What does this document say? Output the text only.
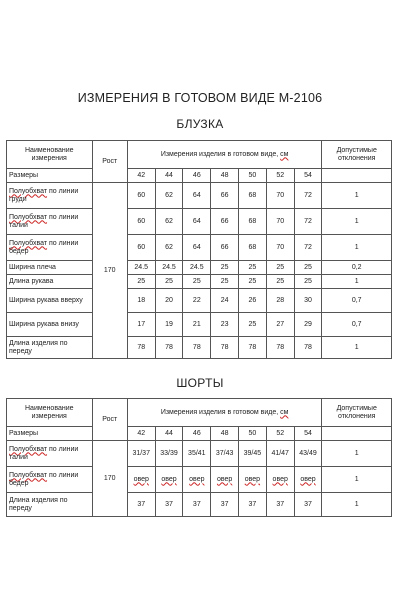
ИЗМЕРЕНИЯ В ГОТОВОМ ВИДЕ М-2106
БЛУЗКА
Наименование измерения	Рост	Измерения изделия в готовом виде, см							Допустимые отклонения
Размеры		42	44	46	48	50	52	54	
Полуобхват по линии груди	170	60	62	64	66	68	70	72	1
Полуобхват по линии талии		60	62	64	66	68	70	72	1
Полуобхват по линии бедер		60	62	64	66	68	70	72	1
Ширина плеча		24.5	24.5	24.5	25	25	25	25	0,2
Длина рукава		25	25	25	25	25	25	25	1
Ширина рукава вверху		18	20	22	24	26	28	30	0,7
Ширина рукава внизу		17	19	21	23	25	27	29	0,7
Длина изделия по переду		78	78	78	78	78	78	78	1
ШОРТЫ
Наименование измерения	Рост	Измерения изделия в готовом виде, см							Допустимые отклонения
Размеры		42	44	46	48	50	52	54	
Полуобхват по линии талии	170	31/37	33/39	35/41	37/43	39/45	41/47	43/49	1
Полуобхват по линии бедер		овер	овер	овер	овер	овер	овер	овер	1
Длина изделия по переду		37	37	37	37	37	37	37	1
